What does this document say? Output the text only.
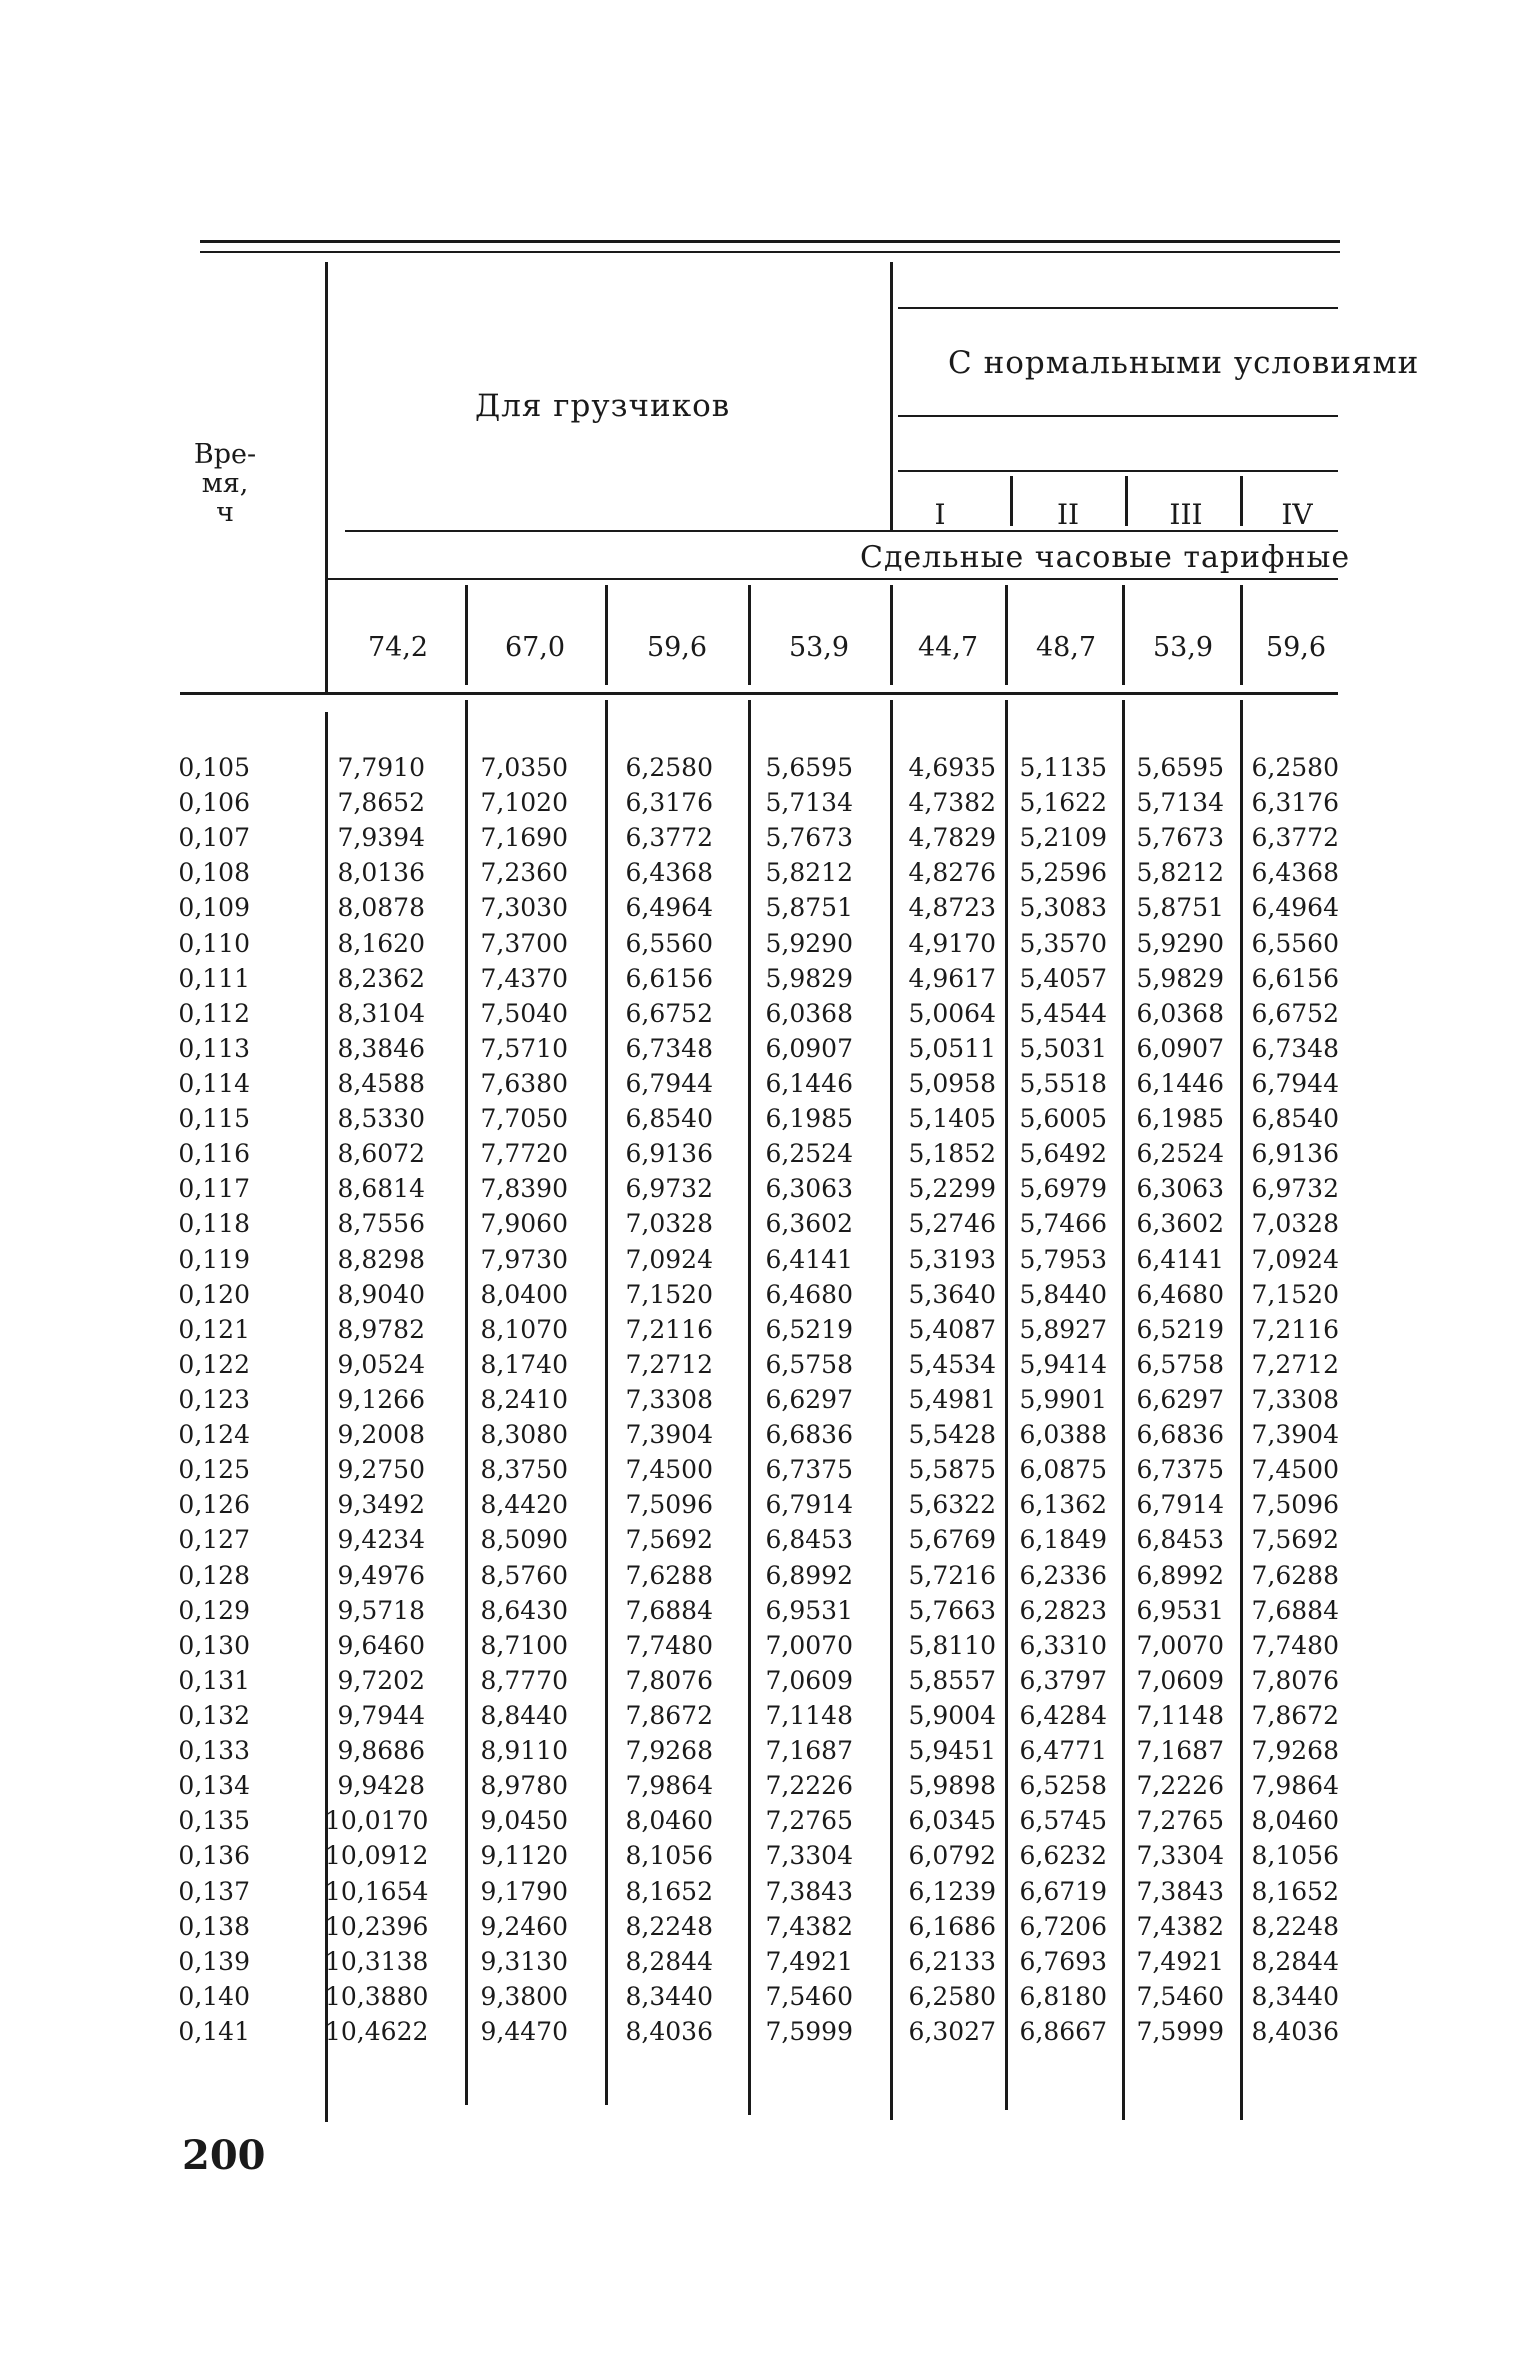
Вре-
мя,
ч
Для грузчиков
С нормальными условиями
Сдельные часовые тарифные
I	II	III	IV
74,2	67,0	59,6	53,9	44,7	48,7	53,9	59,6
0,105	7,7910	7,0350	6,2580	5,6595	4,6935 5,1135 5,6595 6,2580
0,106	7,8652	7,1020	6,3176	5,7134	4,7382 5,1622 5,7134 6,3176
0,107	7,9394	7,1690	6,3772	5,7673	4,7829 5,2109 5,7673 6,3772
0,108	8,0136	7,2360	6,4368	5,8212	4,8276 5,2596 5,8212 6,4368
0,109	8,0878	7,3030	6,4964	5,8751	4,8723 5,3083 5,8751 6,4964
0,110	8,1620	7,3700	6,5560	5,9290	4,9170 5,3570 5,9290 6,5560
0,111	8,2362	7,4370	6,6156	5,9829	4,9617 5,4057 5,9829 6,6156
0,112	8,3104	7,5040	6,6752	6,0368	5,0064 5,4544 6,0368 6,6752
0,113	8,3846	7,5710	6,7348	6,0907	5,0511 5,5031 6,0907 6,7348
0,114	8,4588	7,6380	6,7944	6,1446	5,0958 5,5518 6,1446 6,7944
0,115	8,5330	7,7050	6,8540	6,1985	5,1405 5,6005 6,1985 6,8540
0,116	8,6072	7,7720	6,9136	6,2524	5,1852 5,6492 6,2524 6,9136
0,117	8,6814	7,8390	6,9732	6,3063	5,2299 5,6979 6,3063 6,9732
0,118	8,7556	7,9060	7,0328	6,3602	5,2746 5,7466 6,3602 7,0328
0,119	8,8298	7,9730	7,0924	6,4141	5,3193 5,7953 6,4141 7,0924
0,120	8,9040	8,0400	7,1520	6,4680	5,3640 5,8440 6,4680 7,1520
0,121	8,9782	8,1070	7,2116	6,5219	5,4087 5,8927 6,5219 7,2116
0,122	9,0524	8,1740	7,2712	6,5758	5,4534 5,9414 6,5758 7,2712
0,123	9,1266	8,2410	7,3308	6,6297	5,4981 5,9901 6,6297 7,3308
0,124	9,2008	8,3080	7,3904	6,6836	5,5428 6,0388 6,6836 7,3904
0,125	9,2750	8,3750	7,4500	6,7375	5,5875 6,0875 6,7375 7,4500
0,126	9,3492	8,4420	7,5096	6,7914	5,6322 6,1362 6,7914 7,5096
0,127	9,4234	8,5090	7,5692	6,8453	5,6769 6,1849 6,8453 7,5692
0,128	9,4976	8,5760	7,6288	6,8992	5,7216 6,2336 6,8992 7,6288
0,129	9,5718	8,6430	7,6884	6,9531	5,7663 6,2823 6,9531 7,6884
0,130	9,6460	8,7100	7,7480	7,0070	5,8110 6,3310 7,0070 7,7480
0,131	9,7202	8,7770	7,8076	7,0609	5,8557 6,3797 7,0609 7,8076
0,132	9,7944	8,8440	7,8672	7,1148	5,9004 6,4284 7,1148 7,8672
0,133	9,8686	8,9110	7,9268	7,1687	5,9451 6,4771 7,1687 7,9268
0,134	9,9428	8,9780	7,9864	7,2226	5,9898 6,5258 7,2226 7,9864
0,135	10,0170	9,0450	8,0460	7,2765	6,0345 6,5745 7,2765 8,0460
0,136	10,0912	9,1120	8,1056	7,3304	6,0792 6,6232 7,3304 8,1056
0,137	10,1654	9,1790	8,1652	7,3843	6,1239 6,6719 7,3843 8,1652
0,138	10,2396	9,2460	8,2248	7,4382	6,1686 6,7206 7,4382 8,2248
0,139	10,3138	9,3130	8,2844	7,4921	6,2133 6,7693 7,4921 8,2844
0,140	10,3880	9,3800	8,3440	7,5460	6,2580 6,8180 7,5460 8,3440
0,141	10,4622	9,4470	8,4036	7,5999	6,3027 6,8667 7,5999 8,4036
200
